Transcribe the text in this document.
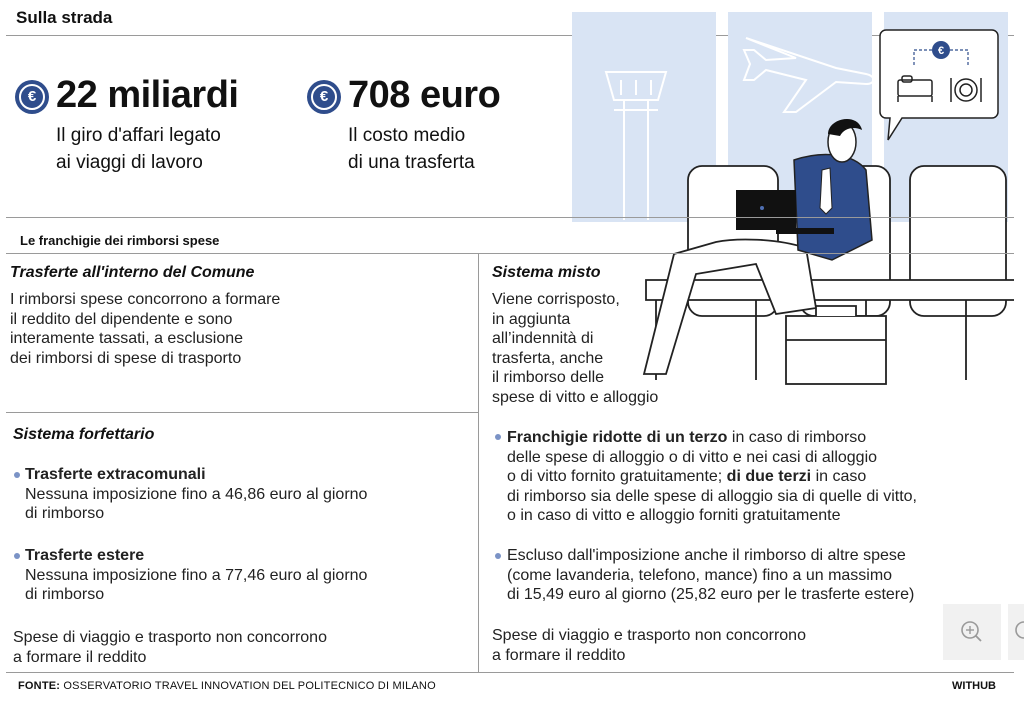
Sulla strada
€ 22 miliardi
Il giro d'affari legato
ai viaggi di lavoro
€ 708 euro
Il costo medio
di una trasferta
€
Le franchigie dei rimborsi spese
Trasferte all'interno del Comune
I rimborsi spese concorrono a formare
il reddito del dipendente e sono
interamente tassati, a esclusione
dei rimborsi di spese di trasporto
Sistema forfettario
Trasferte extracomunali
Nessuna imposizione fino a 46,86 euro al giorno
di rimborso
Trasferte estere
Nessuna imposizione fino a 77,46 euro al giorno
di rimborso
Spese di viaggio e trasporto non concorrono
a formare il reddito
Sistema misto
Viene corrisposto,
in aggiunta
all’indennità di
trasferta, anche
il rimborso delle
spese di vitto e alloggio
Franchigie ridotte di un terzo in caso di rimborso
delle spese di alloggio o di vitto e nei casi di alloggio
o di vitto fornito gratuitamente; di due terzi in caso
di rimborso sia delle spese di alloggio sia di quelle di vitto,
o in caso di vitto e alloggio forniti gratuitamente
Escluso dall'imposizione anche il rimborso di altre spese
(come lavanderia, telefono, mance) fino a un massimo
di 15,49 euro al giorno (25,82 euro per le trasferte estere)
Spese di viaggio e trasporto non concorrono
a formare il reddito
FONTE: OSSERVATORIO TRAVEL INNOVATION DEL POLITECNICO DI MILANO	WITHUB
